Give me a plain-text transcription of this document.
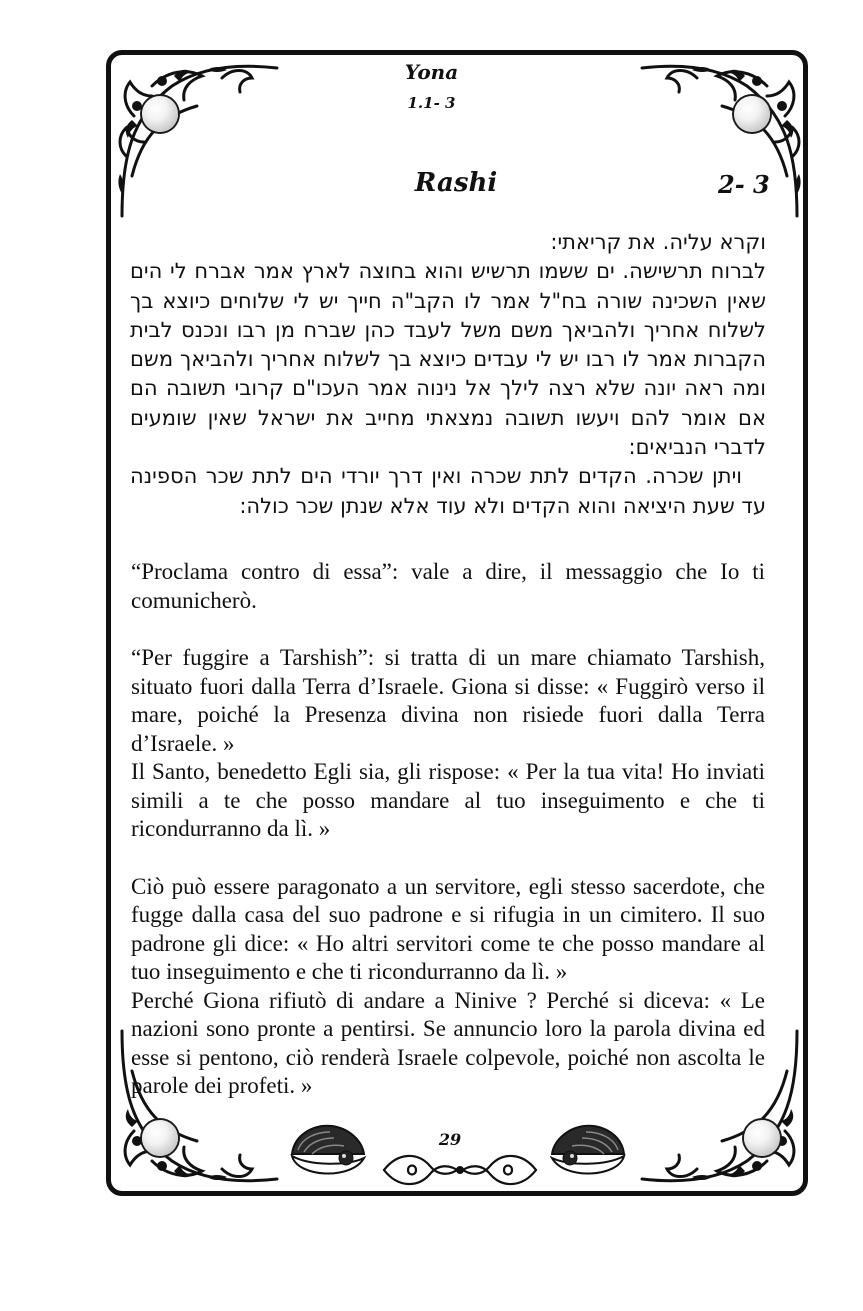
Yona
1.1- 3
Rashi	2- 3

וקרא עליה. את קריאתי:

לברוח תרשישה. ים ששמו תרשיש והוא בחוצה לארץ אמר אברח לי הים שאין השכינה שורה בח"ל אמר לו הקב"ה חייך יש לי שלוחים כיוצא בך לשלוח אחריך ולהביאך משם משל לעבד כהן שברח מן רבו ונכנס לבית הקברות אמר לו רבו יש לי עבדים כיוצא בך לשלוח אחריך ולהביאך משם ומה ראה יונה שלא רצה לילך אל נינוה אמר העכו"ם קרובי תשובה הם אם אומר להם ויעשו תשובה נמצאתי מחייב את ישראל שאין שומעים לדברי הנביאים:

ויתן שכרה. הקדים לתת שכרה ואין דרך יורדי הים לתת שכר הספינה עד שעת היציאה והוא הקדים ולא עוד אלא שנתן שכר כולה:

“Proclama contro di essa”: vale a dire, il messaggio che Io ti comunicherò.

“Per fuggire a Tarshish”: si tratta di un mare chiamato Tarshish, situato fuori dalla Terra d’Israele. Giona si disse: « Fuggirò verso il mare, poiché la Presenza divina non risiede fuori dalla Terra d’Israele. »

Il Santo, benedetto Egli sia, gli rispose: « Per la tua vita! Ho inviati simili a te che posso mandare al tuo inseguimento e che ti ricondurranno da lì. »

Ciò può essere paragonato a un servitore, egli stesso sacerdote, che fugge dalla casa del suo padrone e si rifugia in un cimitero. Il suo padrone gli dice: « Ho altri servitori come te che posso mandare al tuo inseguimento e che ti ricondurranno da lì. »

Perché Giona rifiutò di andare a Ninive ? Perché si diceva: « Le nazioni sono pronte a pentirsi. Se annuncio loro la parola divina ed esse si pentono, ciò renderà Israele colpevole, poiché non ascolta le parole dei profeti. »

29
